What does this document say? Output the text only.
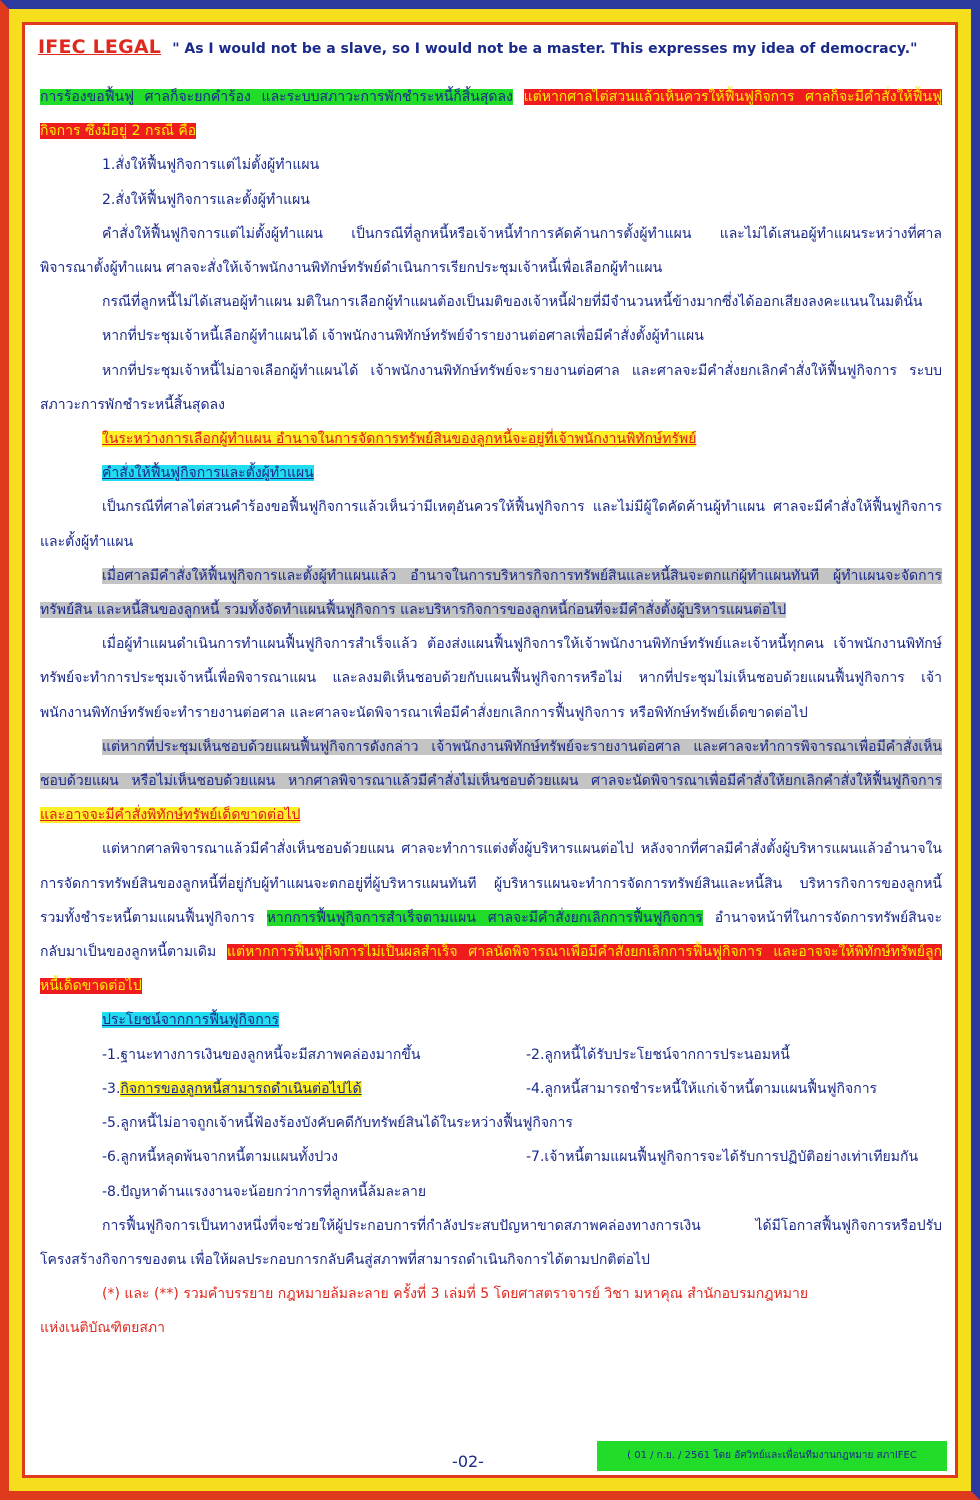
IFEC LEGAL " As I would not be a slave, so I would not be a master. This expresses my idea of democracy."

การร้องขอฟื้นฟู ศาลก็จะยกคำร้อง และระบบสภาวะการพักชำระหนี้ก็สิ้นสุดลง แต่หากศาลไต่สวนแล้วเห็นควรให้ฟื้นฟูกิจการ ศาลก็จะมีคำสั่งให้ฟื้นฟูกิจการ ซึ่งมีอยู่ 2 กรณี คือ

1.สั่งให้ฟื้นฟูกิจการแต่ไม่ตั้งผู้ทำแผน

2.สั่งให้ฟื้นฟูกิจการและตั้งผู้ทำแผน

คำสั่งให้ฟื้นฟูกิจการแต่ไม่ตั้งผู้ทำแผน เป็นกรณีที่ลูกหนี้หรือเจ้าหนี้ทำการคัดค้านการตั้งผู้ทำแผน และไม่ได้เสนอผู้ทำแผนระหว่างที่ศาลพิจารณาตั้งผู้ทำแผน ศาลจะสั่งให้เจ้าพนักงานพิทักษ์ทรัพย์ดำเนินการเรียกประชุมเจ้าหนี้เพื่อเลือกผู้ทำแผน

กรณีที่ลูกหนี้ไม่ได้เสนอผู้ทำแผน มติในการเลือกผู้ทำแผนต้องเป็นมติของเจ้าหนี้ฝ่ายที่มีจำนวนหนี้ข้างมากซึ่งได้ออกเสียงลงคะแนนในมตินั้น

หากที่ประชุมเจ้าหนี้เลือกผู้ทำแผนได้ เจ้าพนักงานพิทักษ์ทรัพย์จำรายงานต่อศาลเพื่อมีคำสั่งตั้งผู้ทำแผน

หากที่ประชุมเจ้าหนี้ไม่อาจเลือกผู้ทำแผนได้ เจ้าพนักงานพิทักษ์ทรัพย์จะรายงานต่อศาล และศาลจะมีคำสั่งยกเลิกคำสั่งให้ฟื้นฟูกิจการ ระบบสภาวะการพักชำระหนี้สิ้นสุดลง

ในระหว่างการเลือกผู้ทำแผน อำนาจในการจัดการทรัพย์สินของลูกหนี้จะอยู่ที่เจ้าพนักงานพิทักษ์ทรัพย์

คำสั่งให้ฟื้นฟูกิจการและตั้งผู้ทำแผน

เป็นกรณีที่ศาลไต่สวนคำร้องขอฟื้นฟูกิจการแล้วเห็นว่ามีเหตุอันควรให้ฟื้นฟูกิจการ และไม่มีผู้ใดคัดค้านผู้ทำแผน ศาลจะมีคำสั่งให้ฟื้นฟูกิจการและตั้งผู้ทำแผน

เมื่อศาลมีคำสั่งให้ฟื้นฟูกิจการและตั้งผู้ทำแผนแล้ว อำนาจในการบริหารกิจการทรัพย์สินและหนี้สินจะตกแก่ผู้ทำแผนทันที ผู้ทำแผนจะจัดการทรัพย์สิน และหนี้สินของลูกหนี้ รวมทั้งจัดทำแผนฟื้นฟูกิจการ และบริหารกิจการของลูกหนี้ก่อนที่จะมีคำสั่งตั้งผู้บริหารแผนต่อไป

เมื่อผู้ทำแผนดำเนินการทำแผนฟื้นฟูกิจการสำเร็จแล้ว ต้องส่งแผนฟื้นฟูกิจการให้เจ้าพนักงานพิทักษ์ทรัพย์และเจ้าหนี้ทุกคน เจ้าพนักงานพิทักษ์ทรัพย์จะทำการประชุมเจ้าหนี้เพื่อพิจารณาแผน และลงมติเห็นชอบด้วยกับแผนฟื้นฟูกิจการหรือไม่ หากที่ประชุมไม่เห็นชอบด้วยแผนฟื้นฟูกิจการ เจ้าพนักงานพิทักษ์ทรัพย์จะทำรายงานต่อศาล และศาลจะนัดพิจารณาเพื่อมีคำสั่งยกเลิกการฟื้นฟูกิจการ หรือพิทักษ์ทรัพย์เด็ดขาดต่อไป

แต่หากที่ประชุมเห็นชอบด้วยแผนฟื้นฟูกิจการดังกล่าว เจ้าพนักงานพิทักษ์ทรัพย์จะรายงานต่อศาล และศาลจะทำการพิจารณาเพื่อมีคำสั่งเห็นชอบด้วยแผน หรือไม่เห็นชอบด้วยแผน หากศาลพิจารณาแล้วมีคำสั่งไม่เห็นชอบด้วยแผน ศาลจะนัดพิจารณาเพื่อมีคำสั่งให้ยกเลิกคำสั่งให้ฟื้นฟูกิจการ และอาจจะมีคำสั่งพิทักษ์ทรัพย์เด็ดขาดต่อไป

แต่หากศาลพิจารณาแล้วมีคำสั่งเห็นชอบด้วยแผน ศาลจะทำการแต่งตั้งผู้บริหารแผนต่อไป หลังจากที่ศาลมีคำสั่งตั้งผู้บริหารแผนแล้วอำนาจในการจัดการทรัพย์สินของลูกหนี้ที่อยู่กับผู้ทำแผนจะตกอยู่ที่ผู้บริหารแผนทันที ผู้บริหารแผนจะทำการจัดการทรัพย์สินและหนี้สิน บริหารกิจการของลูกหนี้ รวมทั้งชำระหนี้ตามแผนฟื้นฟูกิจการ หากการฟื้นฟูกิจการสำเร็จตามแผน ศาลจะมีคำสั่งยกเลิกการฟื้นฟูกิจการ อำนาจหน้าที่ในการจัดการทรัพย์สินจะกลับมาเป็นของลูกหนี้ตามเดิม แต่หากการฟื้นฟูกิจการไม่เป็นผลสำเร็จ ศาลนัดพิจารณาเพื่อมีคำสั่งยกเลิกการฟื้นฟูกิจการ และอาจจะให้พิทักษ์ทรัพย์ลูกหนี้เด็ดขาดต่อไป

ประโยชน์จากการฟื้นฟูกิจการ

-1.ฐานะทางการเงินของลูกหนี้จะมีสภาพคล่องมากขึ้น	-2.ลูกหนี้ได้รับประโยชน์จากการประนอมหนี้
-3.กิจการของลูกหนี้สามารถดำเนินต่อไปได้	-4.ลูกหนี้สามารถชำระหนี้ให้แก่เจ้าหนี้ตามแผนฟื้นฟูกิจการ

-5.ลูกหนี้ไม่อาจถูกเจ้าหนี้ฟ้องร้องบังคับคดีกับทรัพย์สินได้ในระหว่างฟื้นฟูกิจการ

-6.ลูกหนี้หลุดพ้นจากหนี้ตามแผนทั้งปวง	-7.เจ้าหนี้ตามแผนฟื้นฟูกิจการจะได้รับการปฏิบัติอย่างเท่าเทียมกัน

-8.ปัญหาด้านแรงงานจะน้อยกว่าการที่ลูกหนี้ล้มละลาย

การฟื้นฟูกิจการเป็นทางหนึ่งที่จะช่วยให้ผู้ประกอบการที่กำลังประสบปัญหาขาดสภาพคล่องทางการเงิน ได้มีโอกาสฟื้นฟูกิจการหรือปรับโครงสร้างกิจการของตน เพื่อให้ผลประกอบการกลับคืนสู่สภาพที่สามารถดำเนินกิจการได้ตามปกติต่อไป

(*) และ (**) รวมคำบรรยาย กฎหมายล้มละลาย ครั้งที่ 3 เล่มที่ 5 โดยศาสตราจารย์ วิชา มหาคุณ สำนักอบรมกฎหมาย

แห่งเนติบัณฑิตยสภา

-02-	( 01 / ก.ย. / 2561 โดย อัศวิทย์และเพื่อนทีมงานกฎหมาย สภาIFEC
